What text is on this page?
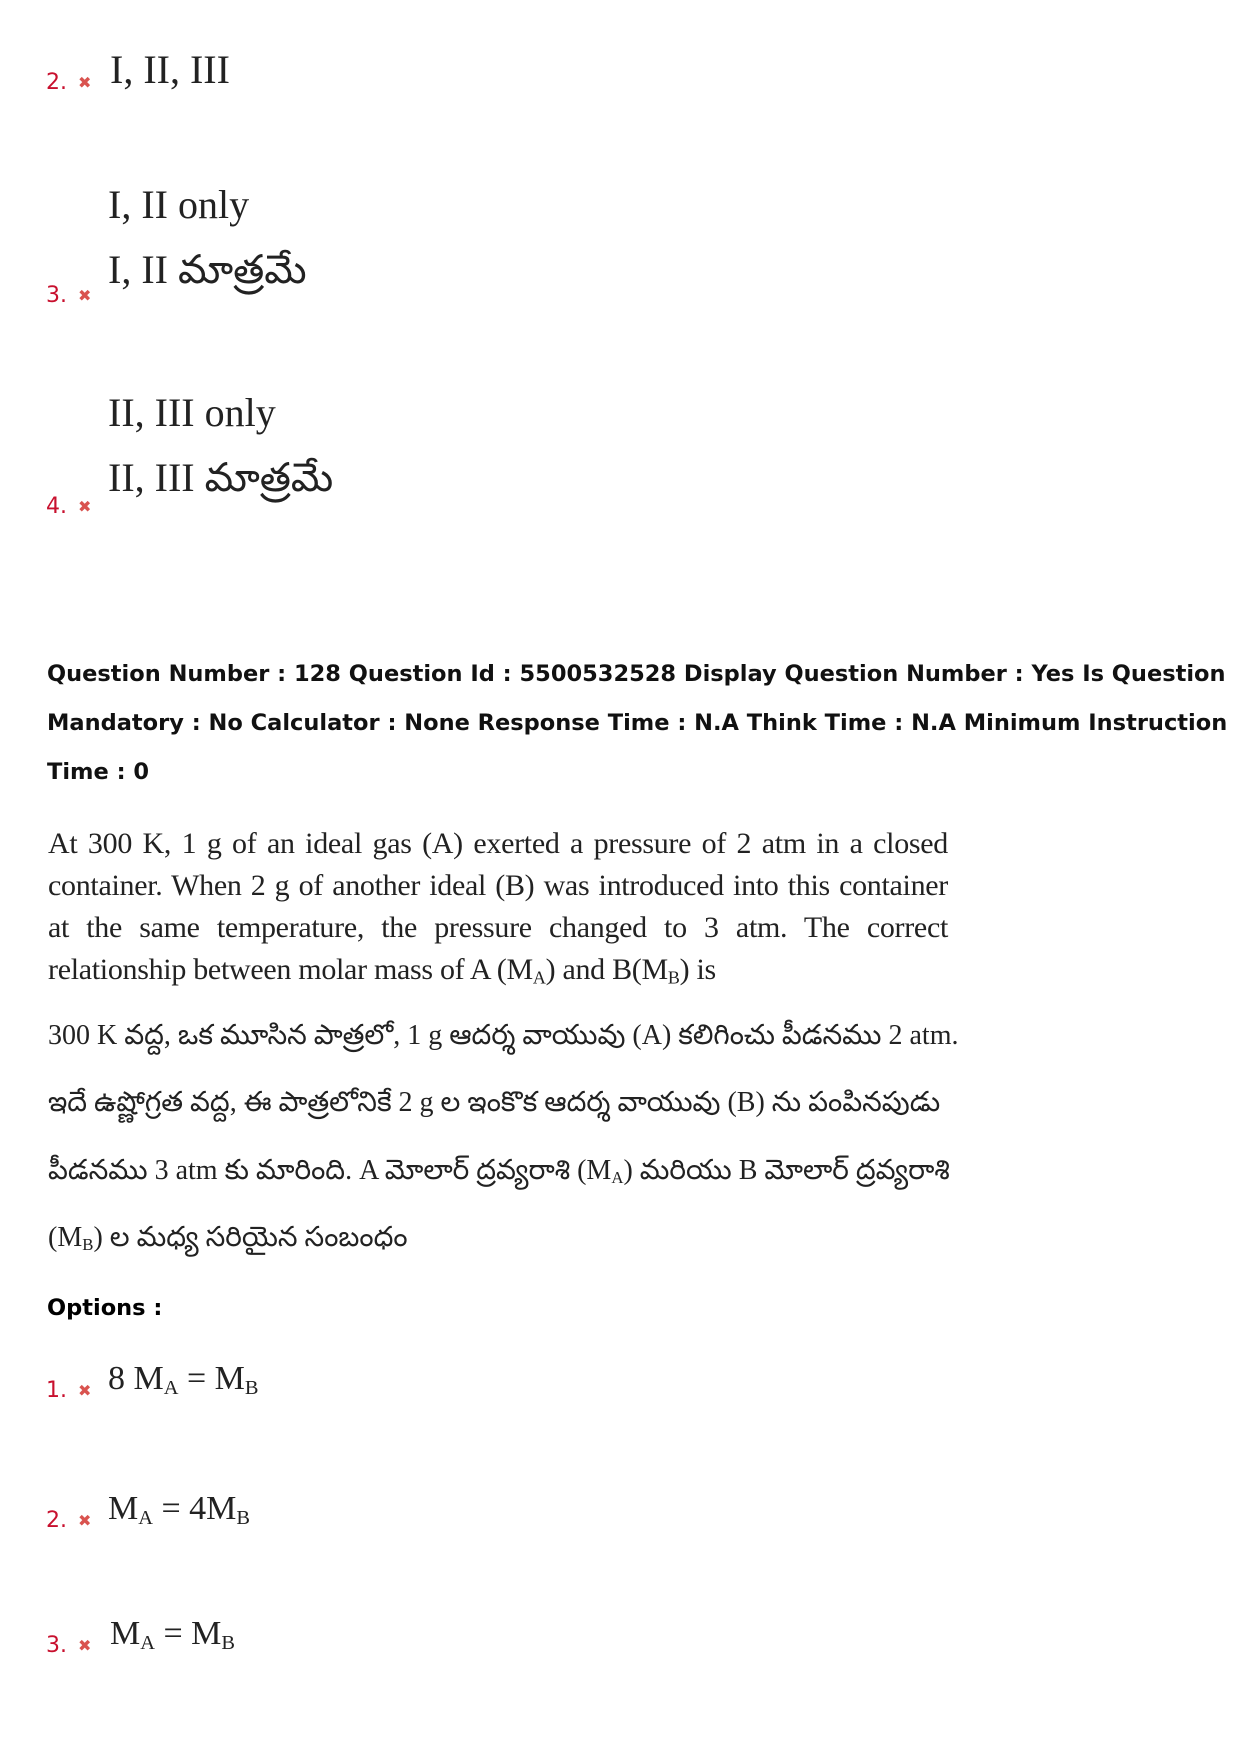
2. ✖ I, II, III
3. ✖
I, II only
I, II మాత్రమే
4. ✖
II, III only
II, III మాత్రమే
Question Number : 128 Question Id : 5500532528 Display Question Number : Yes Is Question
Mandatory : No Calculator : None Response Time : N.A Think Time : N.A Minimum Instruction
Time : 0
At 300 K, 1 g of an ideal gas (A) exerted a pressure of 2 atm in a closed container. When 2 g of another ideal (B) was introduced into this container at the same temperature, the pressure changed to 3 atm. The correct relationship between molar mass of A $(M_A)$ and $B(M_B)$ is
300 K వద్ద, ఒక మూసిన పాత్రలో, 1 g ఆదర్శ వాయువు (A) కలిగించు పీడనము 2 atm.
ఇదే ఉష్ణోగ్రత వద్ద, ఈ పాత్రలోనికే 2 g ల ఇంకొక ఆదర్శ వాయువు (B) ను పంపినపుడు
పీడనము 3 atm కు మారింది. A మోలార్ ద్రవ్యరాశి $(M_A)$ మరియు B మోలార్ ద్రవ్యరాశి
$(M_B)$ ల మధ్య సరియైన సంబంధం
Options :
1. ✖ 8 $M_A = M_B$
2. ✖ $M_A = 4M_B$
3. ✖ $M_A = M_B$
